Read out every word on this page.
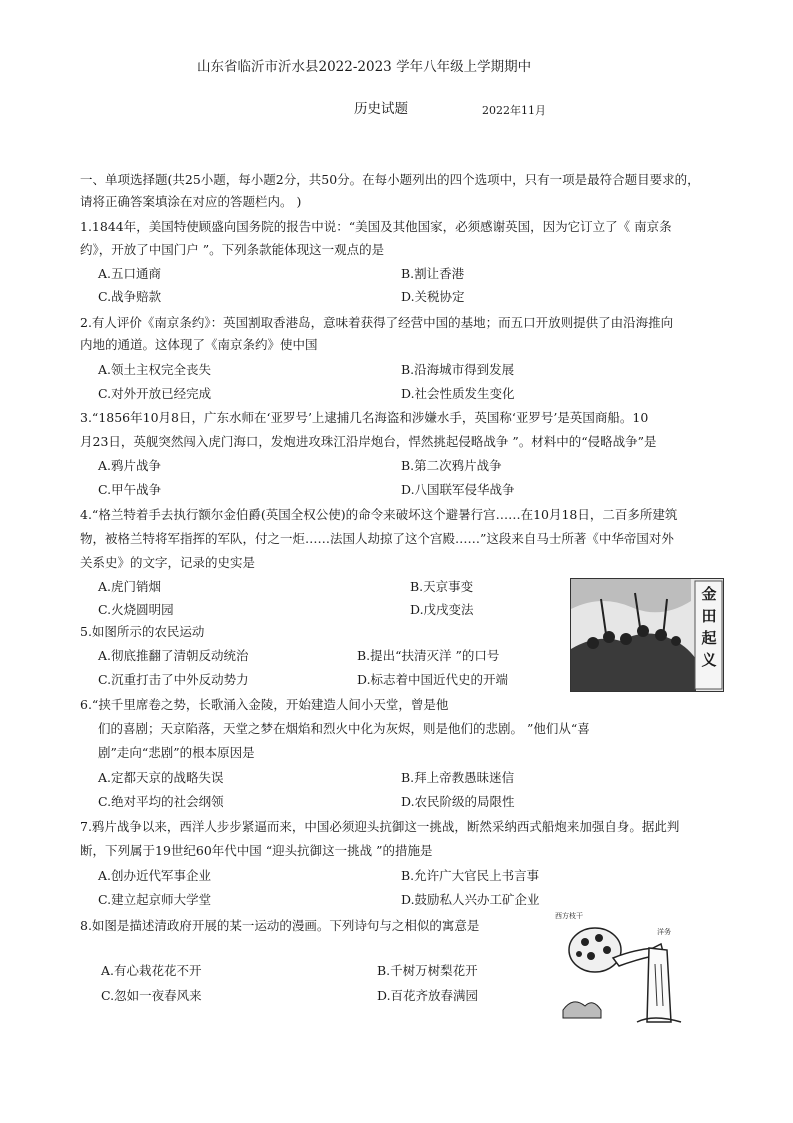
山东省临沂市沂水县2022-2023 学年八年级上学期期中
历史试题	2022年11月
一、单项选择题(共25小题，每小题2分，共50分。在每小题列出的四个选项中，只有一项是最符合题目要求的，
请将正确答案填涂在对应的答题栏内。 )
1.1844年，美国特使顾盛向国务院的报告中说：“美国及其他国家，必须感谢英国，因为它订立了《 南京条
约》，开放了中国门户 ”。下列条款能体现这一观点的是
A.五口通商	B.割让香港
C.战争赔款	D.关税协定
2.有人评价《南京条约》：英国割取香港岛，意味着获得了经营中国的基地；而五口开放则提供了由沿海推向
内地的通道。这体现了《南京条约》使中国
A.领土主权完全丧失	B.沿海城市得到发展
C.对外开放已经完成	D.社会性质发生变化
3.“1856年10月8日，广东水师在‘亚罗号’上逮捕几名海盗和涉嫌水手，英国称‘亚罗号’是英国商船。10
月23日，英舰突然闯入虎门海口，发炮进攻珠江沿岸炮台，悍然挑起侵略战争 ”。材料中的“侵略战争”是
A.鸦片战争	B.第二次鸦片战争
C.甲午战争	D.八国联军侵华战争
4.“格兰特着手去执行额尔金伯爵(英国全权公使)的命令来破坏这个避暑行宫……在10月18日，二百多所建筑
物，被格兰特将军指挥的军队，付之一炬……法国人劫掠了这个宫殿……”这段来自马士所著《中华帝国对外
关系史》的文字，记录的史实是
A.虎门销烟	B.天京事变
C.火烧圆明园	D.戊戌变法
金田起义
5.如图所示的农民运动
A.彻底推翻了清朝反动统治	B.提出“扶清灭洋 ”的口号
C.沉重打击了中外反动势力	D.标志着中国近代史的开端
6.“挟千里席卷之势，长歌涌入金陵，开始建造人间小天堂，曾是他
们的喜剧；天京陷落，天堂之梦在烟焰和烈火中化为灰烬，则是他们的悲剧。 ”他们从“喜
剧”走向“悲剧”的根本原因是
A.定都天京的战略失误	B.拜上帝教愚昧迷信
C.绝对平均的社会纲领	D.农民阶级的局限性
7.鸦片战争以来，西洋人步步紧逼而来，中国必须迎头抗御这一挑战，断然采纳西式船炮来加强自身。据此判
断，下列属于19世纪60年代中国 “迎头抗御这一挑战 ”的措施是
A.创办近代军事企业	B.允许广大官民上书言事
C.建立起京师大学堂	D.鼓励私人兴办工矿企业
8.如图是描述清政府开展的某一运动的漫画。下列诗句与之相似的寓意是
A.有心栽花花不开	B.千树万树梨花开
C.忽如一夜春风来	D.百花齐放春满园
西方枝干
洋务
